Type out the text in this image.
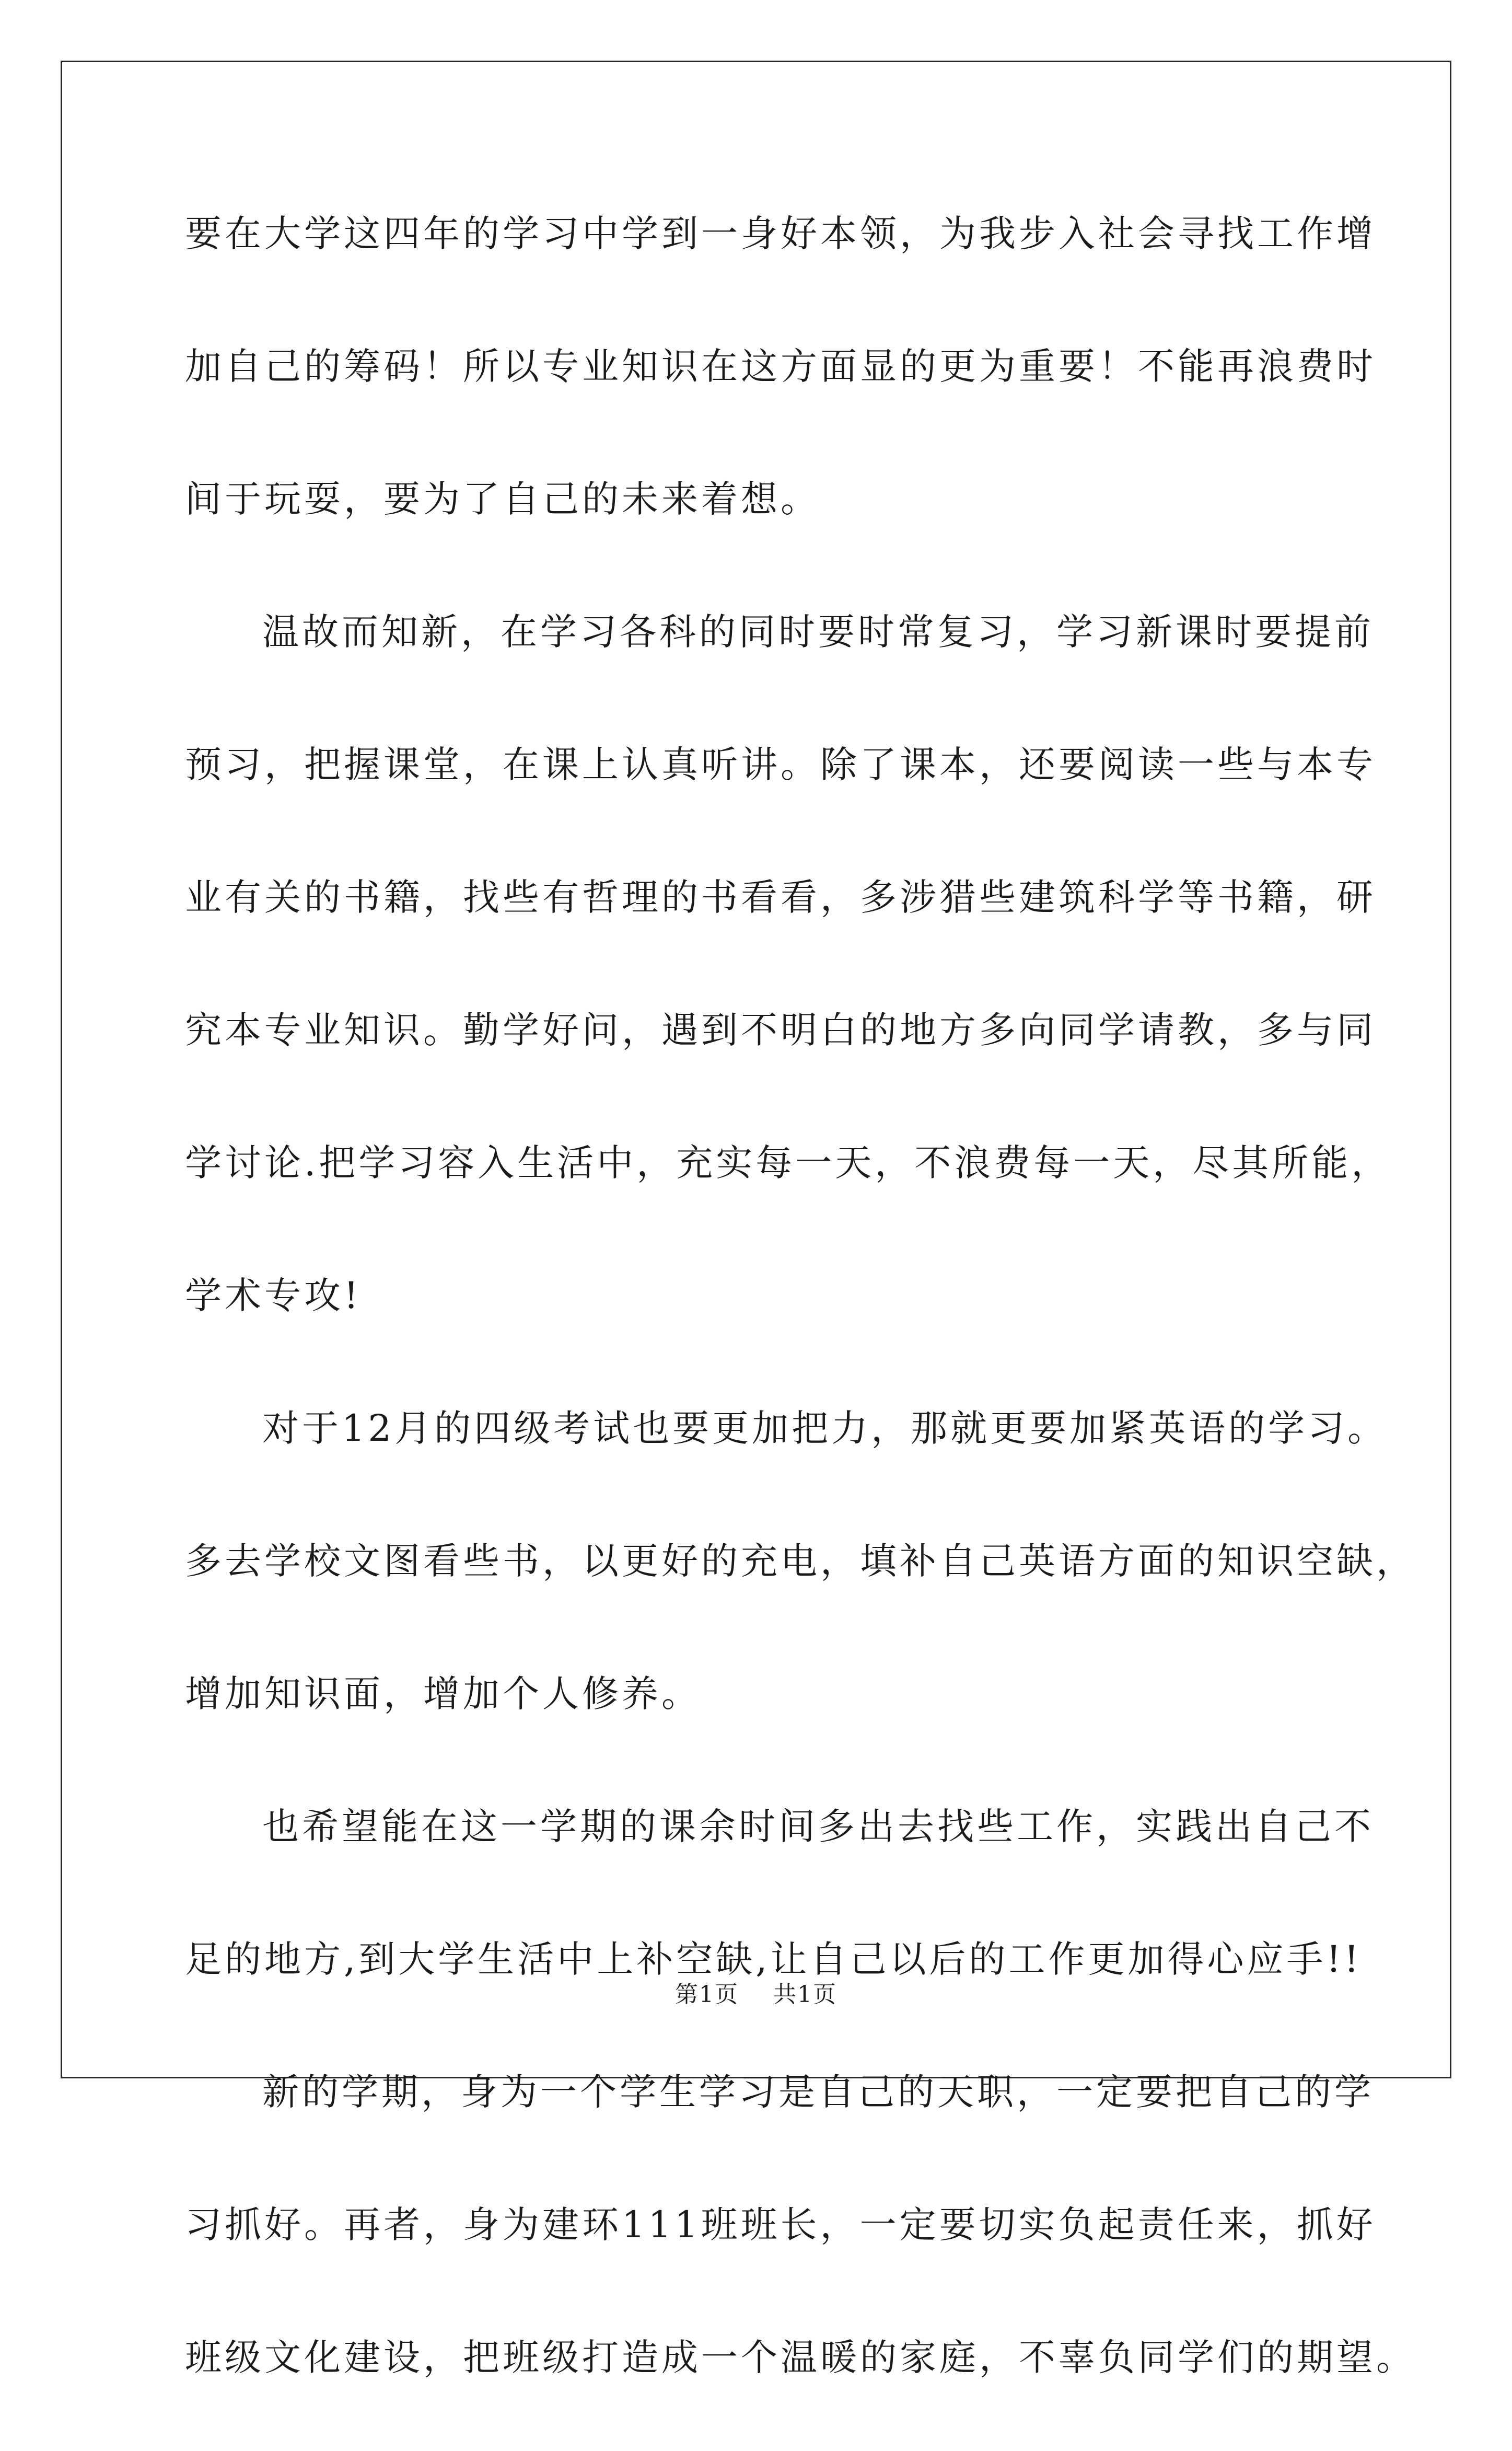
要在大学这四年的学习中学到一身好本领，为我步入社会寻找工作增
加自己的筹码！所以专业知识在这方面显的更为重要！不能再浪费时
间于玩耍，要为了自己的未来着想。
温故而知新，在学习各科的同时要时常复习，学习新课时要提前
预习，把握课堂，在课上认真听讲。除了课本，还要阅读一些与本专
业有关的书籍，找些有哲理的书看看，多涉猎些建筑科学等书籍，研
究本专业知识。勤学好问，遇到不明白的地方多向同学请教，多与同
学讨论.把学习容入生活中，充实每一天，不浪费每一天，尽其所能，
学术专攻!
对于12月的四级考试也要更加把力，那就更要加紧英语的学习。
多去学校文图看些书，以更好的充电，填补自己英语方面的知识空缺，
增加知识面，增加个人修养。
也希望能在这一学期的课余时间多出去找些工作，实践出自己不
足的地方,到大学生活中上补空缺,让自己以后的工作更加得心应手!!
新的学期，身为一个学生学习是自己的天职，一定要把自己的学
习抓好。再者，身为建环111班班长，一定要切实负起责任来，抓好
班级文化建设，把班级打造成一个温暖的家庭，不辜负同学们的期望。
第1页 共1页
